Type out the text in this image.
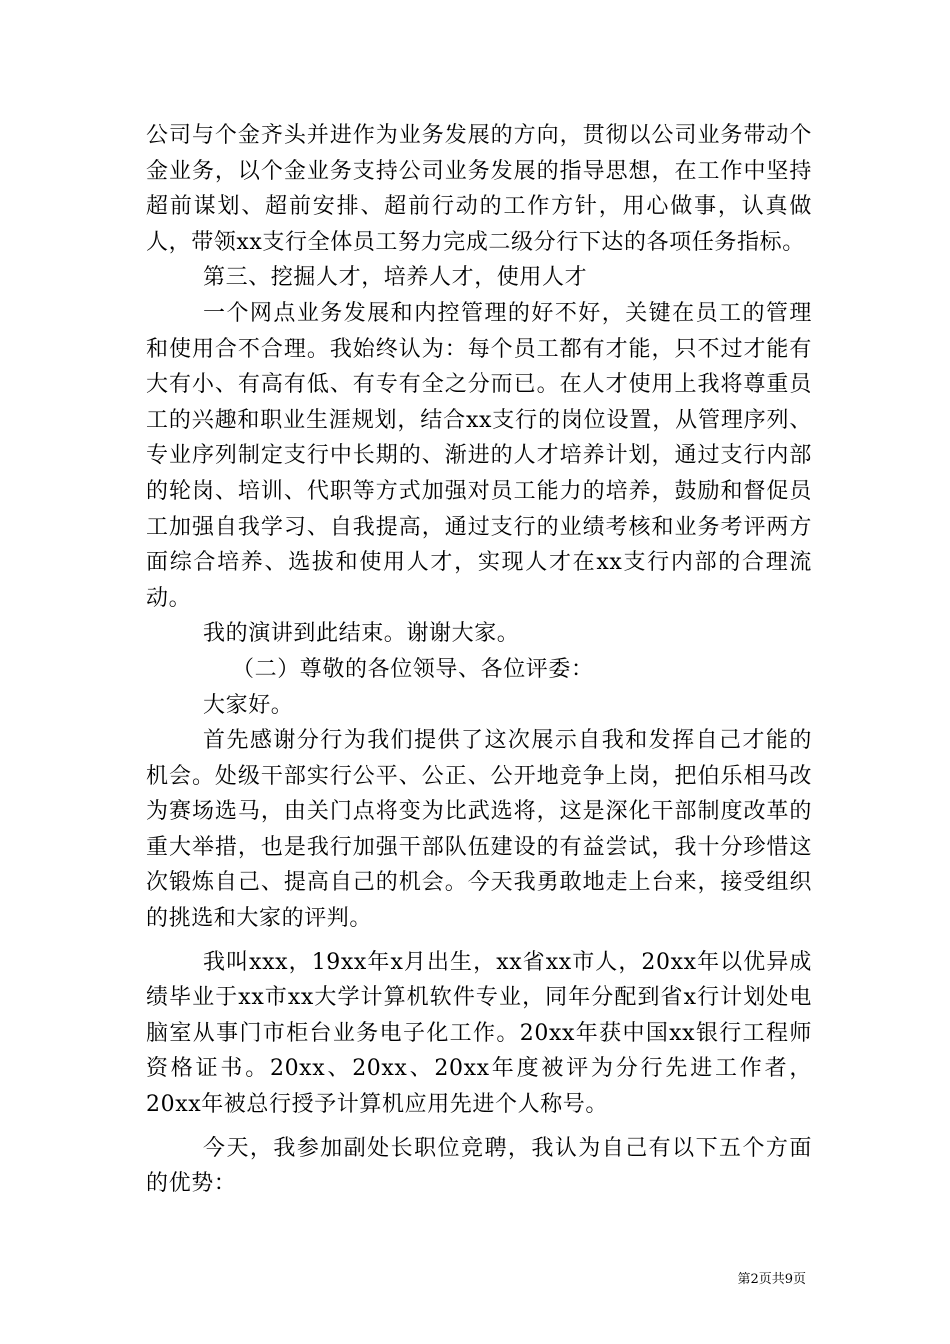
公司与个金齐头并进作为业务发展的方向，贯彻以公司业务带动个金业务，以个金业务支持公司业务发展的指导思想，在工作中坚持超前谋划、超前安排、超前行动的工作方针，用心做事，认真做人，带领xx支行全体员工努力完成二级分行下达的各项任务指标。

第三、挖掘人才，培养人才，使用人才

一个网点业务发展和内控管理的好不好，关键在员工的管理和使用合不合理。我始终认为：每个员工都有才能，只不过才能有大有小、有高有低、有专有全之分而已。在人才使用上我将尊重员工的兴趣和职业生涯规划，结合xx支行的岗位设置，从管理序列、专业序列制定支行中长期的、渐进的人才培养计划，通过支行内部的轮岗、培训、代职等方式加强对员工能力的培养，鼓励和督促员工加强自我学习、自我提高，通过支行的业绩考核和业务考评两方面综合培养、选拔和使用人才，实现人才在xx支行内部的合理流动。

我的演讲到此结束。谢谢大家。

（二）尊敬的各位领导、各位评委：

大家好。

首先感谢分行为我们提供了这次展示自我和发挥自己才能的机会。处级干部实行公平、公正、公开地竞争上岗，把伯乐相马改为赛场选马，由关门点将变为比武选将，这是深化干部制度改革的重大举措，也是我行加强干部队伍建设的有益尝试，我十分珍惜这次锻炼自己、提高自己的机会。今天我勇敢地走上台来，接受组织的挑选和大家的评判。

我叫xxx，19xx年x月出生，xx省xx市人，20xx年以优异成绩毕业于xx市xx大学计算机软件专业，同年分配到省x行计划处电脑室从事门市柜台业务电子化工作。20xx年获中国xx银行工程师资格证书。20xx、20xx、20xx年度被评为分行先进工作者，20xx年被总行授予计算机应用先进个人称号。

今天，我参加副处长职位竞聘，我认为自己有以下五个方面的优势：

第2页共9页
